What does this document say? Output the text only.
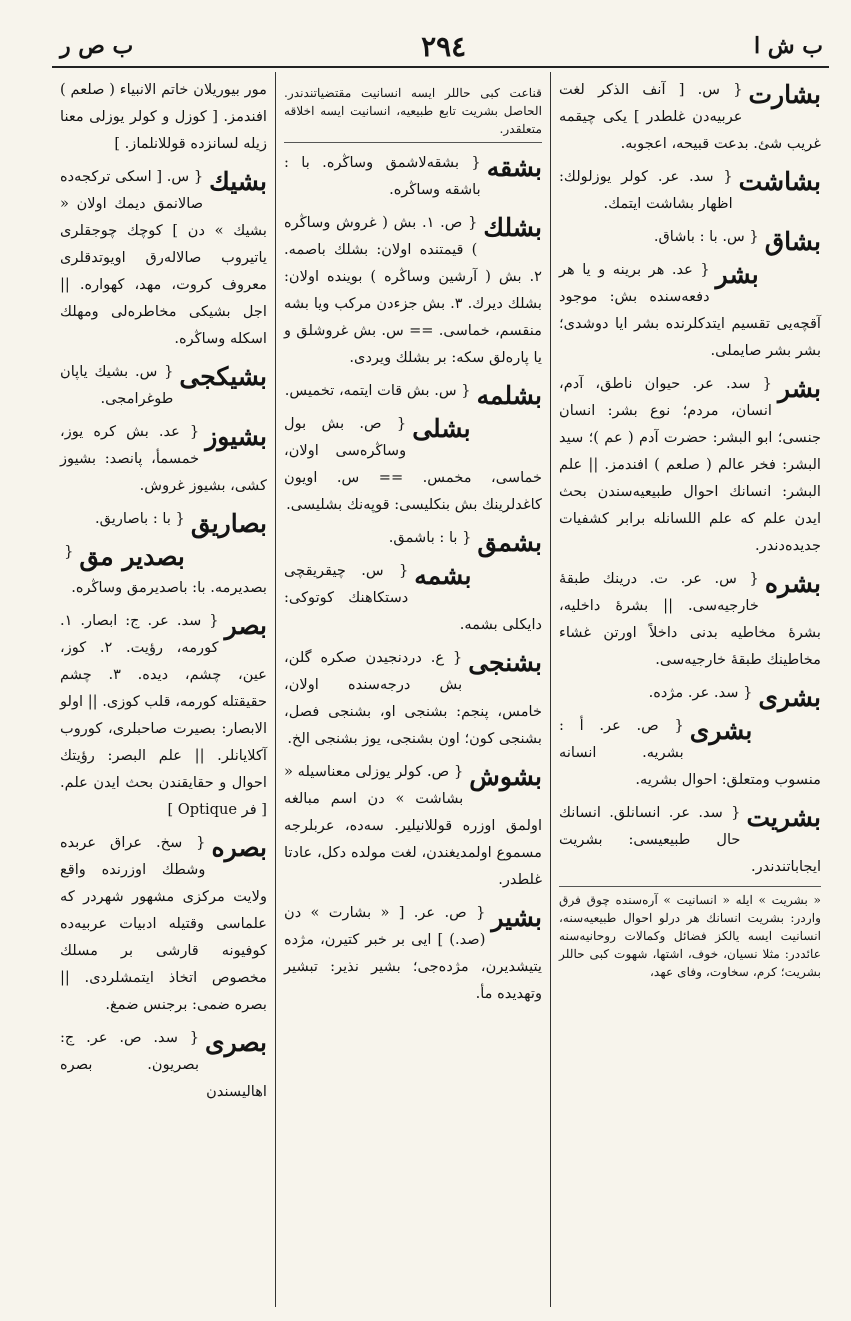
ب ش ا
٢٩٤
ب ص ر
بشارت
{ س. [ آنف الذكر لغت عربيه‌دن غلطدر ] يكى چيقمه غريب شئ. بدعت قبيحه، اعجوبه.
بشاشت
{ سد. عر. كولر يوزلولك: اظهار بشاشت ايتمك.
بشاق
{ س. با : باشاق.
بشر
{ عد. هر برينه و يا هر دفعه‌سنده بش: موجود آقچه‌يى تقسيم ايتدكلرنده بشر ايا دوشدى؛ بشر بشر صايملى.
بشر
{ سد. عر. حيوان ناطق، آدم، انسان، مردم؛ نوع بشر: انسان جنسى؛ ابو البشر: حضرت آدم ( عم )؛ سيد البشر: فخر عالم ( صلعم ) افندمز. || علم البشر: انسانك احوال طبيعيه‌سندن بحث ايدن علم كه علم اللسانله برابر كشفيات جديده‌دندر.
بشره
{ س. عر. ت. درينك طبقهٔ خارجيه‌سى. || بشرهٔ داخليه، بشرهٔ مخاطيه بدنى داخلاً اورتن غشاء مخاطينك طبقهٔ خارجيه‌سى.
بشرى
{ سد. عر. مژده.
بشرى
{ ص. عر. أ : بشريه. انسانه منسوب ومتعلق: احوال بشريه.
بشريت
{ سد. عر. انسانلق. انسانك حال طبيعيسى: بشريت ايجاباتندندر.
« بشريت » ايله « انسانيت » آره‌سنده چوق فرق واردر: بشريت انسانك هر درلو احوال طبيعيه‌سنه، انسانيت ايسه يالكز فضائل وكمالات روحانيه‌سنه عائددر: مثلا نسيان، خوف، اشتها، شهوت كبى حاللر بشريت؛ كرم، سخاوت، وفاى عهد،
قناعت كبى حاللر ايسه انسانيت مقتضياتندندر. الحاصل بشريت تابع طبيعيه، انسانيت ايسه اخلاقه متعلقدر.
بشقه
{ بشقه‌لاشمق وساڭره. با : باشقه وساڭره.
بشلك
{ ص. ١. بش ( غروش وساڭره ) قيمتنده اولان: بشلك باصمه. ٢. بش ( آرشين وساڭره ) بوينده اولان: بشلك ديرك. ٣. بش جزءدن مركب ويا بشه منقسم، خماسى. == س. بش غروشلق و يا پاره‌لق سكه: بر بشلك ويردى.
بشلمه
{ س. بش قات ايتمه، تخميس.
بشلى
{ ص. بش بول وساڭره‌سى اولان، خماسى، مخمس. == س. اويون كاغدلرينك بش بنكليسى: قوپه‌نك بشليسى.
بشمق
{ با : باشمق.
بشمه
{ س. چيقريقچى دستكاهنك كوتوكى: دايكلى بشمه.
بشنجى
{ ع. دردنجيدن صكره گلن، بش درجه‌سنده اولان، خامس، پنجم: بشنجى او، بشنجى فصل، بشنجى كون؛ اون بشنجى، يوز بشنجى الخ.
بشوش
{ ص. كولر يوزلى معناسيله « بشاشت » دن اسم مبالغه اولمق اوزره قوللانيلير. سه‌ده، عربلرجه مسموع اولمديغندن، لغت مولده دكل، عادتا غلطدر.
بشير
{ ص. عر. [ « بشارت » دن (صد.) ] ايى بر خبر كتيرن، مژده يتيشديرن، مژده‌جى؛ بشير نذير: تبشير وتهديده مأ.
مور بيوريلان خاتم الانبياء ( صلعم ) افندمز. [ كوزل و كولر يوزلى معنا زيله لسانزده قوللانلماز. ]
بشيك
{ س. [ اسكى تركجه‌ده صالانمق ديمك اولان « بشيك » دن ] كوچك چوجقلرى ياتيروب صالاله‌رق اويوتدقلرى معروف كروت، مهد، كهواره. || اجل بشيكى مخاطره‌لى ومهلك اسكله وساڭره.
بشيكجى
{ س. بشيك ياپان طوغرامجى.
بشيوز
{ عد. بش كره يوز، خمسمأ، پانصد: بشيوز كشى، بشيوز غروش.
بصاريق
{ با : باصاريق.
بصدير مق
{ بصديرمه. با: باصديرمق وساڭره.
بصر
{ سد. عر. ج: ابصار. ١. كورمه، رؤيت. ٢. كوز، عين، چشم، ديده. ٣. چشم حقيقتله كورمه، قلب كوزى. || اولو الابصار: بصيرت صاحبلرى، كوروب آكلايانلر. || علم البصر: رؤيتك احوال و حقايقندن بحث ايدن علم. [ فر Optique ]
بصره
{ سخ. عراق عربده وشطك اوزرنده واقع ولايت مركزى مشهور شهردر كه علماسى وقتيله ادبيات عربيه‌ده كوفيونه قارشى بر مسلك مخصوص اتخاذ ايتمشلردى. || بصره ضمى: برجنس ضمغ.
بصرى
{ سد. ص. عر. ج: بصريون. بصره اهاليسندن
